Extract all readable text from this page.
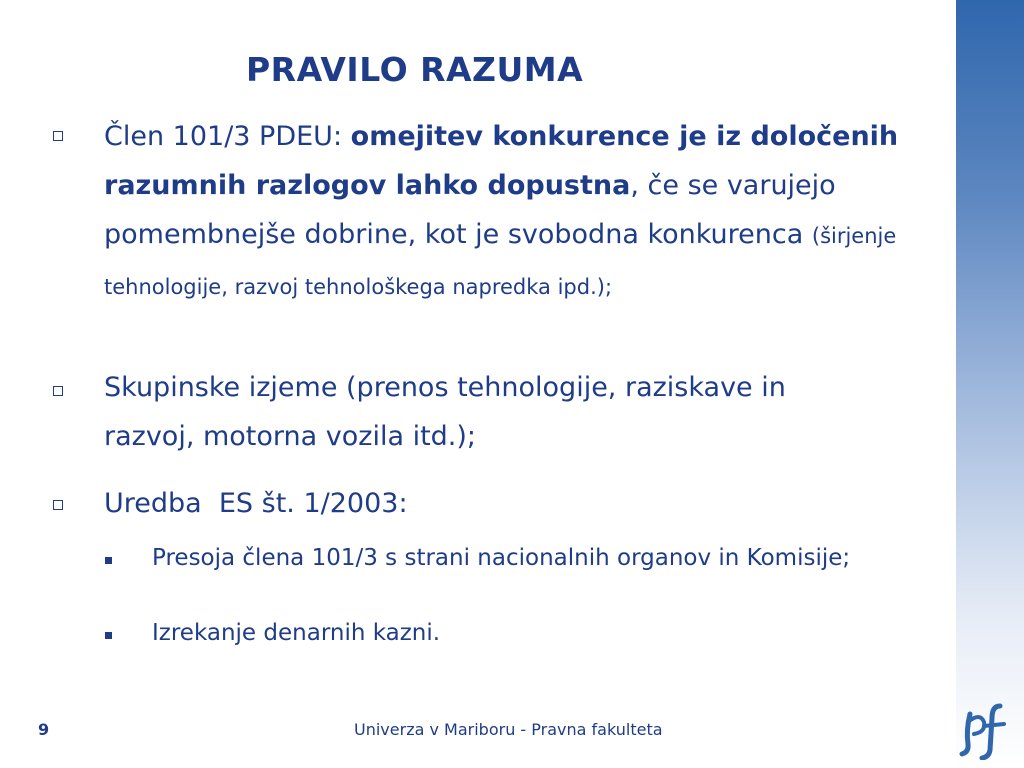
PRAVILO RAZUMA
Člen 101/3 PDEU: omejitev konkurence je iz določenih razumnih razlogov lahko dopustna, če se varujejo pomembnejše dobrine, kot je svobodna konkurenca (širjenje tehnologije, razvoj tehnološkega napredka ipd.);
Skupinske izjeme (prenos tehnologije, raziskave in razvoj, motorna vozila itd.);
Uredba  ES št. 1/2003:
Presoja člena 101/3 s strani nacionalnih organov in Komisije;
Izrekanje denarnih kazni.
9	Univerza v Mariboru - Pravna fakulteta
